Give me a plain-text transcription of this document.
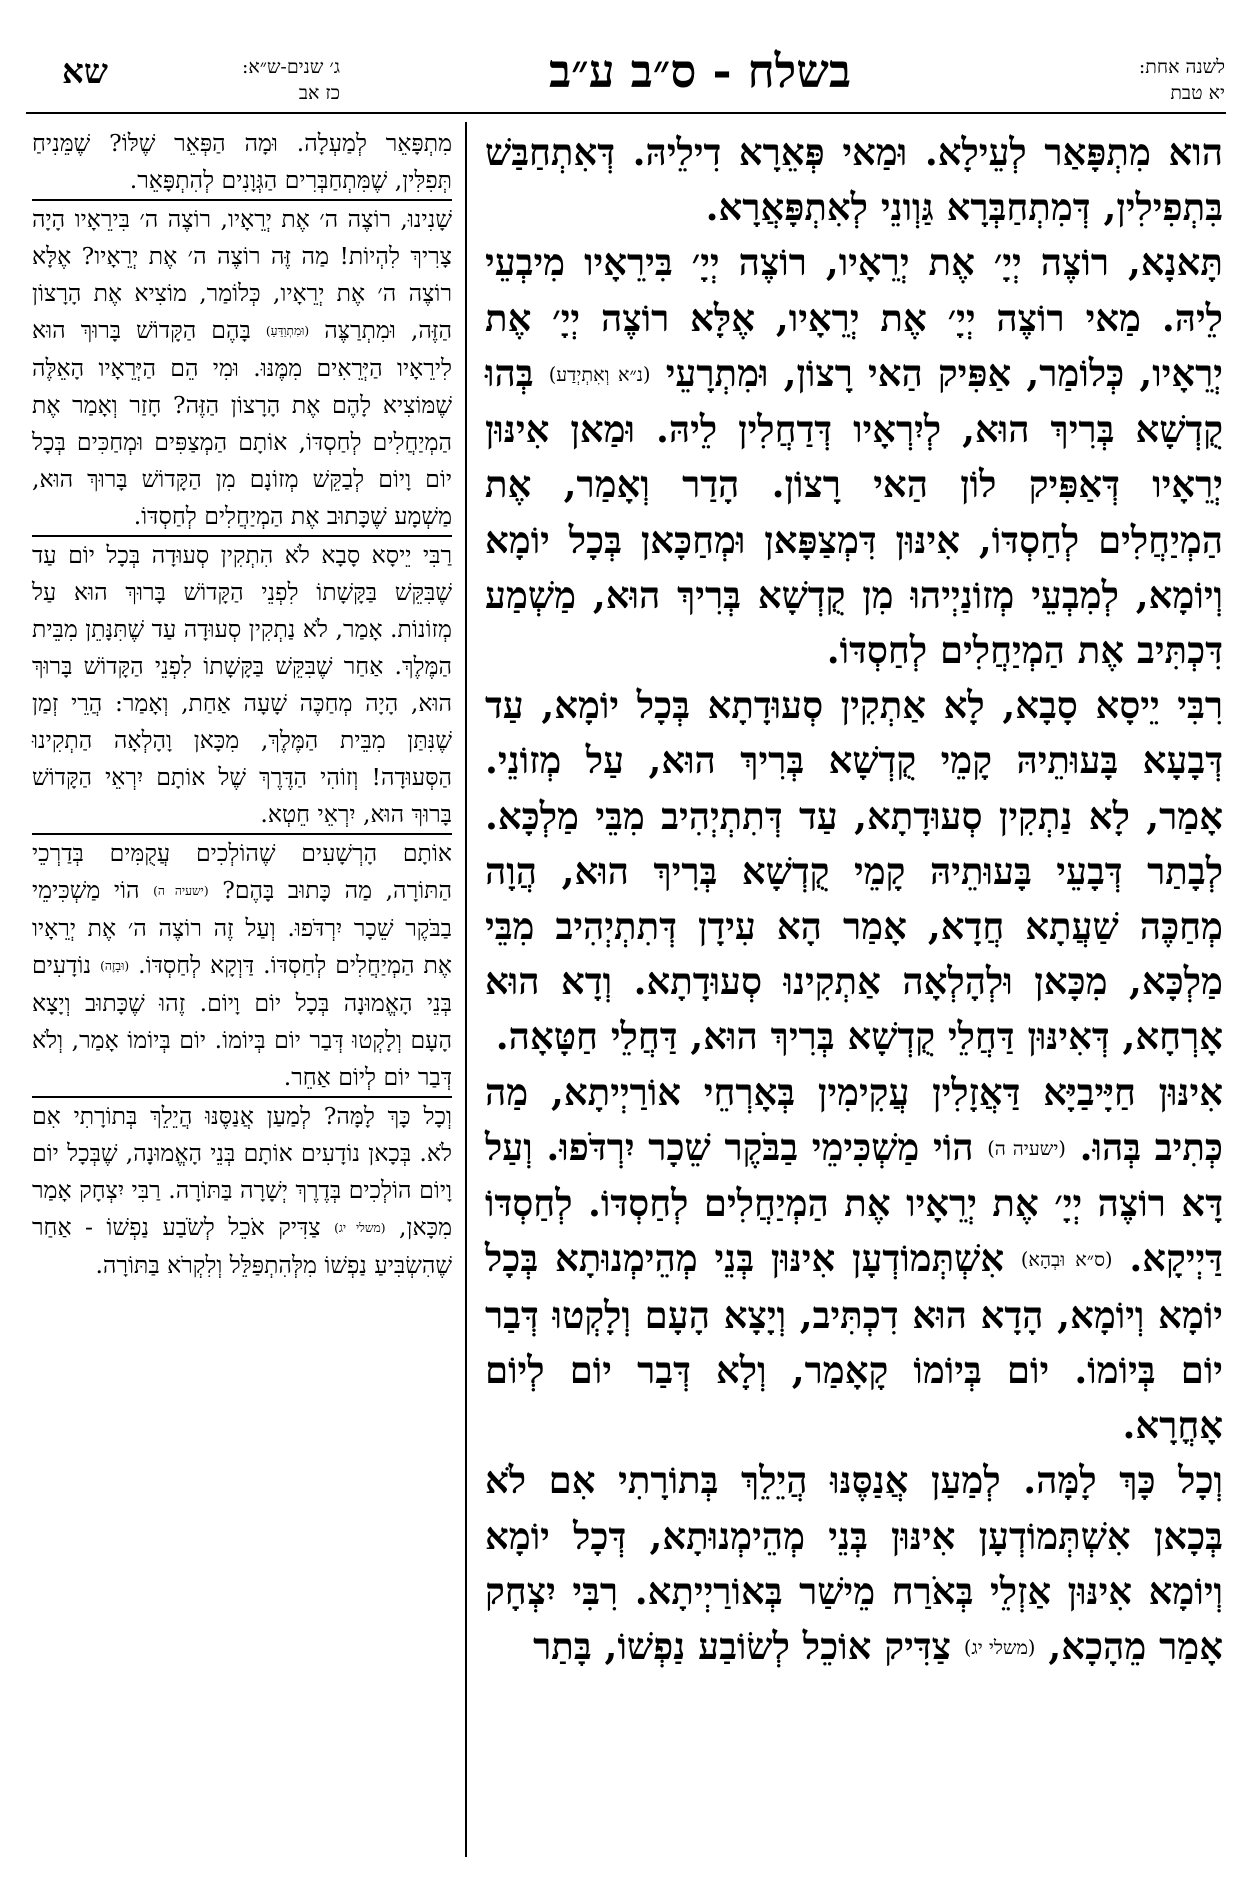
שא	ג׳ שנים-ש״א:
כז אב	בשלח - ס״ב ע״ב	לשנה אחת:
יא טבת

הוא מִתְפָּאַר לְעֵילָא. וּמַאי פְּאֵרָא דִילֵיהּ. דְּאִתְחַבַּשׁ בִּתְפִילִין, דְּמִתְחַבְּרָא גַּוְונֵי לְאִתְפָּאֲרָא.

תָּאנָא, רוֹצֶה יְיָ׳ אֶת יְרֵאָיו, רוֹצֶה יְיָ׳ בִּירֵאָיו מִיבְעֵי לֵיהּ. מַאי רוֹצֶה יְיָ׳ אֶת יְרֵאָיו, אֶלָּא רוֹצֶה יְיָ׳ אֶת יְרֵאָיו, כְּלוֹמַר, אַפִּיק הַאי רָצוֹן, וּמִתְרָעֵי (נ״א וְאִתְיְדַע) בְּהוּ קֻדְשָׁא בְּרִיךְ הוּא, לְיִרְאָיו דְּדַחֲלִין לֵיהּ. וּמַאן אִינּוּן יְרֵאָיו דְּאַפִּיק לוֹן הַאי רָצוֹן. הָדַר וְאָמַר, אֶת הַמְיַחֲלִים לְחַסְדּוֹ, אִינּוּן דִּמְצַפָּאן וּמְחַכָּאן בְּכָל יוֹמָא וְיוֹמָא, לְמִבְעֵי מְזוֹנַיְיהוּ מִן קֻדְשָׁא בְּרִיךְ הוּא, מַשְׁמַע דִּכְתִּיב אֶת הַמְיַחֲלִים לְחַסְדּוֹ.

רִבִּי יֵיסָא סָבָא, לָא אַתְקִין סְעוּדָתָא בְּכָל יוֹמָא, עַד דְּבָעָא בָּעוּתֵיהּ קָמֵי קֻדְשָׁא בְּרִיךְ הוּא, עַל מְזוֹנֵי. אָמַר, לָא נַתְקִין סְעוּדָתָא, עַד דְּתִתְיְהִיב מִבֵּי מַלְכָּא. לְבָתַר דְּבָעֵי בָּעוּתֵיהּ קָמֵי קֻדְשָׁא בְּרִיךְ הוּא, הֲוָה מְחַכֶּה שַׁעֲתָא חֲדָא, אָמַר הָא עִידָן דְּתִתְיְהִיב מִבֵּי מַלְכָּא, מִכָּאן וּלְהָלְאָה אַתְקִינוּ סְעוּדָתָא. וְדָא הוּא אָרְחָא, דְּאִינּוּן דַּחֲלֵי קֻדְשָׁא בְּרִיךְ הוּא, דַּחֲלֵי חַטָּאָה.

אִינּוּן חַיָּיבַיָּא דַּאֲזָלִין עֲקִימִין בְּאָרְחֵי אוֹרַיְיתָא, מַה כְּתִיב בְּהוּ. (ישעיה ה) הוֹי מַשְׁכִּימֵי בַבֹּקֶר שֵׁכָר יִרְדֹּפוּ. וְעַל דָּא רוֹצֶה יְיָ׳ אֶת יְרֵאָיו אֶת הַמְיַחֲלִים לְחַסְדּוֹ. לְחַסְדּוֹ דַּיְיקָא. (ס״א וּבְהָא) אִשְׁתְּמוֹדְעָן אִינּוּן בְּנֵי מְהֵימְנוּתָא בְּכָל יוֹמָא וְיוֹמָא, הָדָא הוּא דִכְתִּיב, וְיָצָא הָעָם וְלָקְטוּ דְּבַר יוֹם בְּיוֹמוֹ. יוֹם בְּיוֹמוֹ קָאָמַר, וְלָא דְּבַר יוֹם לְיוֹם אָחֳרָא.

וְכָל כָּךְ לָמָּה. לְמַעַן אֲנַסֶּנּוּ הֲיֵלֵךְ בְּתוֹרָתִי אִם לֹא בְּכָאן אִשְׁתְּמוֹדְעָן אִינּוּן בְּנֵי מְהֵימְנוּתָא, דְּכָל יוֹמָא וְיוֹמָא אִינּוּן אַזְלֵי בְּאֹרַח מֵישַׁר בְּאוֹרַיְיתָא. רִבִּי יִצְחָק אָמַר מֵהָכָא, (משלי יג) צַדִּיק אוֹכֵל לְשׂוֹבַע נַפְשׁוֹ, בָּתַר

מִתְפָּאֵר לְמַעְלָה. וּמָה הַפְּאֵר שֶׁלּוֹ? שֶׁמֵּנִיחַ תְּפִלִּין, שֶׁמִּתְחַבְּרִים הַגְּוָנִים לְהִתְפָּאֵר.

שָׁנִינוּ, רוֹצֶה ה׳ אֶת יְרֵאָיו, רוֹצֶה ה׳ בִּירֵאָיו הָיָה צָרִיךְ לִהְיוֹת! מַה זֶּה רוֹצֶה ה׳ אֶת יְרֵאָיו? אֶלָּא רוֹצֶה ה׳ אֶת יְרֵאָיו, כְּלוֹמַר, מוֹצִיא אֶת הָרָצוֹן הַזֶּה, וּמִתְרַצֶּה (וּמִתְוַדֵּעַ) בָּהֶם הַקָּדוֹשׁ בָּרוּךְ הוּא לִירֵאָיו הַיְּרֵאִים מִמֶּנּוּ. וּמִי הֵם הַיְּרֵאָיו הָאֵלֶּה שֶׁמּוֹצִיא לָהֶם אֶת הָרָצוֹן הַזֶּה? חָזַר וְאָמַר אֶת הַמְיַחֲלִים לְחַסְדּוֹ, אוֹתָם הַמְצַפִּים וּמְחַכִּים בְּכָל יוֹם וָיוֹם לְבַקֵּשׁ מְזוֹנָם מִן הַקָּדוֹשׁ בָּרוּךְ הוּא, מַשְׁמָע שֶׁכָּתוּב אֶת הַמְיַחֲלִים לְחַסְדּוֹ.

רַבִּי יֵיסָא סָבָא לֹא הִתְקִין סְעוּדָה בְּכָל יוֹם עַד שֶׁבִּקֵּשׁ בַּקָּשָׁתוֹ לִפְנֵי הַקָּדוֹשׁ בָּרוּךְ הוּא עַל מְזוֹנוֹת. אָמַר, לֹא נַתְקִין סְעוּדָה עַד שֶׁתִּנָּתֵן מִבֵּית הַמֶּלֶךְ. אַחַר שֶׁבִּקֵּשׁ בַּקָּשָׁתוֹ לִפְנֵי הַקָּדוֹשׁ בָּרוּךְ הוּא, הָיָה מְחַכֶּה שָׁעָה אַחַת, וְאָמַר: הֲרֵי זְמַן שֶׁנִּתַּן מִבֵּית הַמֶּלֶךְ, מִכָּאן וָהָלְאָה הַתְקִינוּ הַסְּעוּדָה! וְזוֹהִי הַדֶּרֶךְ שֶׁל אוֹתָם יִרְאֵי הַקָּדוֹשׁ בָּרוּךְ הוּא, יִרְאֵי חֵטְא.

אוֹתָם הָרְשָׁעִים שֶׁהוֹלְכִים עֲקֻמִּים בְּדַרְכֵי הַתּוֹרָה, מַה כָּתוּב בָּהֶם? (ישעיה ה) הוֹי מַשְׁכִּימֵי בַבֹּקֶר שֵׁכָר יִרְדֹּפוּ. וְעַל זֶה רוֹצֶה ה׳ אֶת יְרֵאָיו אֶת הַמְיַחֲלִים לְחַסְדּוֹ. דַּוְקָא לְחַסְדּוֹ. (וּבָזֶה) נוֹדָעִים בְּנֵי הָאֱמוּנָה בְּכָל יוֹם וָיוֹם. זֶהוּ שֶׁכָּתוּב וְיָצָא הָעָם וְלָקְטוּ דְּבַר יוֹם בְּיוֹמוֹ. יוֹם בְּיוֹמוֹ אָמַר, וְלֹא דְּבַר יוֹם לְיוֹם אַחֵר.

וְכָל כָּךְ לָמָּה? לְמַעַן אֲנַסֶּנּוּ הֲיֵלֵךְ בְּתוֹרָתִי אִם לֹא. בְּכָאן נוֹדָעִים אוֹתָם בְּנֵי הָאֱמוּנָה, שֶׁבְּכָל יוֹם וָיוֹם הוֹלְכִים בְּדֶרֶךְ יְשָׁרָה בַּתּוֹרָה. רַבִּי יִצְחָק אָמַר מִכָּאן, (משלי יג) צַדִּיק אֹכֵל לְשֹׂבַע נַפְשׁוֹ - אַחַר שֶׁהִשְׂבִּיעַ נַפְשׁוֹ מִלְּהִתְפַּלֵּל וְלִקְרֹא בַּתּוֹרָה.
